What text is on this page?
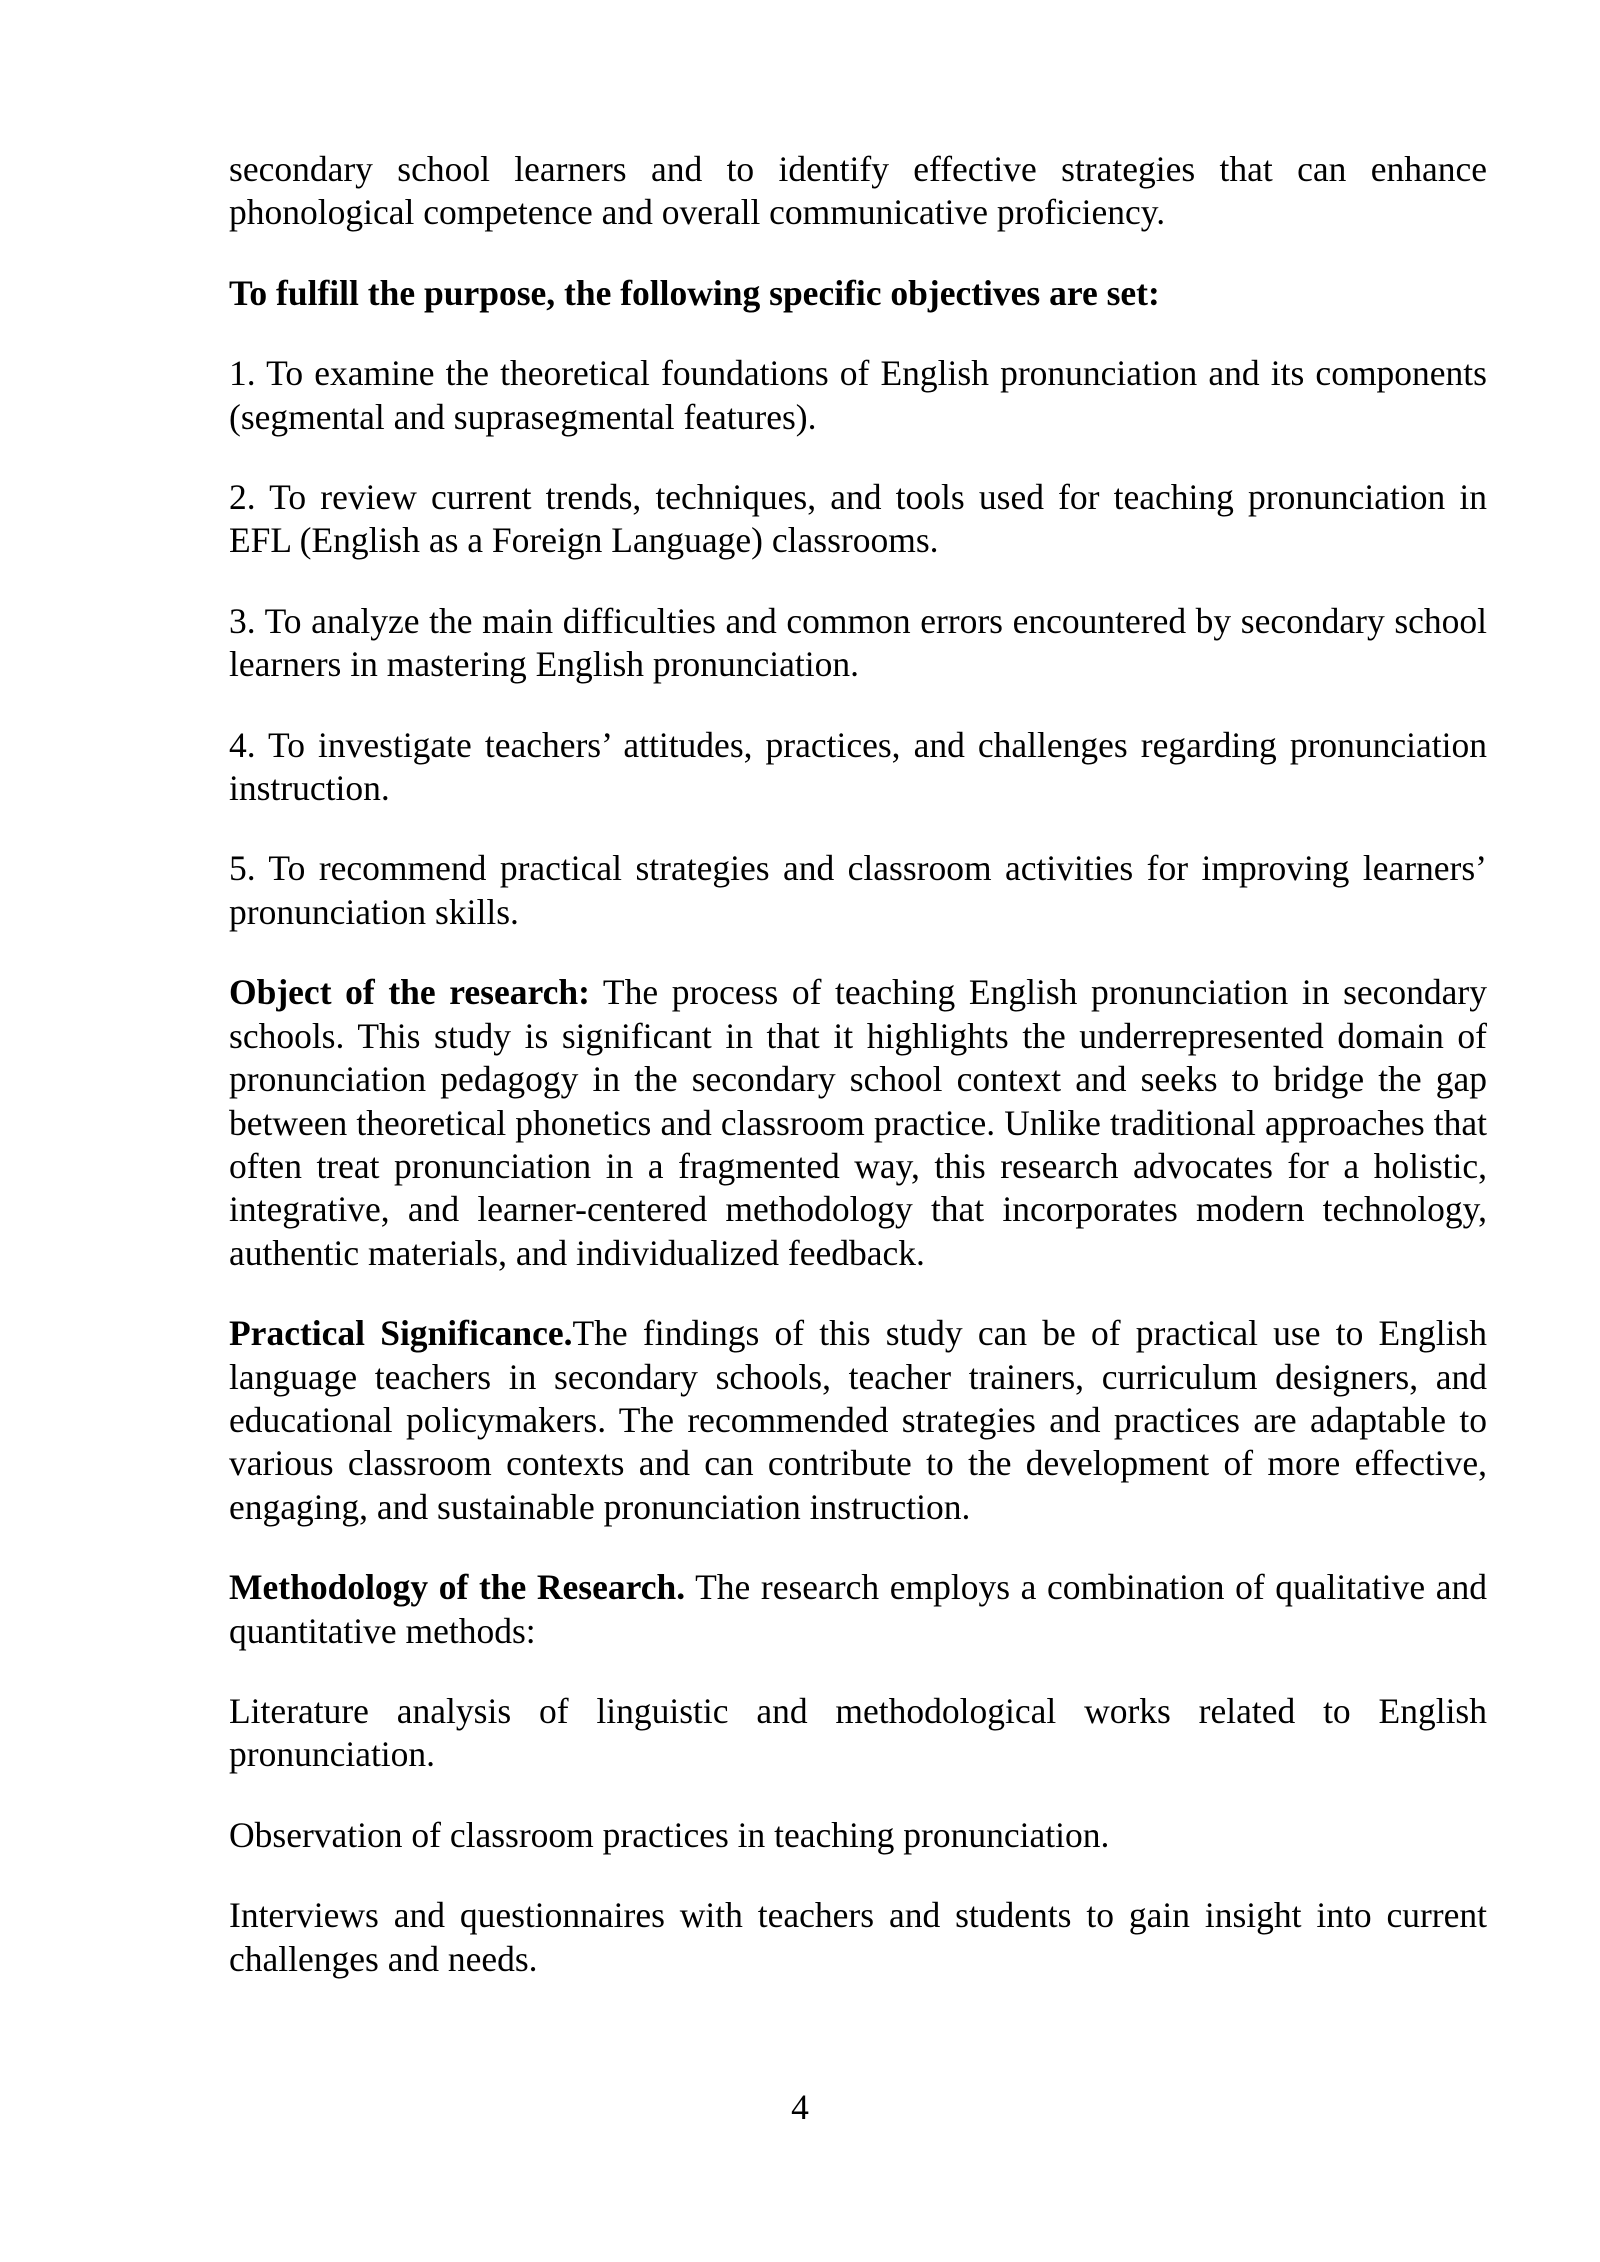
secondary school learners and to identify effective strategies that can enhance phonological competence and overall communicative proficiency.

To fulfill the purpose, the following specific objectives are set:

1. To examine the theoretical foundations of English pronunciation and its components (segmental and suprasegmental features).

2. To review current trends, techniques, and tools used for teaching pronunciation in EFL (English as a Foreign Language) classrooms.

3. To analyze the main difficulties and common errors encountered by secondary school learners in mastering English pronunciation.

4. To investigate teachers’ attitudes, practices, and challenges regarding pronunciation instruction.

5. To recommend practical strategies and classroom activities for improving learners’ pronunciation skills.

Object of the research: The process of teaching English pronunciation in secondary schools. This study is significant in that it highlights the underrepresented domain of pronunciation pedagogy in the secondary school context and seeks to bridge the gap between theoretical phonetics and classroom practice. Unlike traditional approaches that often treat pronunciation in a fragmented way, this research advocates for a holistic, integrative, and learner-centered methodology that incorporates modern technology, authentic materials, and individualized feedback.

Practical Significance.The findings of this study can be of practical use to English language teachers in secondary schools, teacher trainers, curriculum designers, and educational policymakers. The recommended strategies and practices are adaptable to various classroom contexts and can contribute to the development of more effective, engaging, and sustainable pronunciation instruction.

Methodology of the Research. The research employs a combination of qualitative and quantitative methods:

Literature analysis of linguistic and methodological works related to English pronunciation.

Observation of classroom practices in teaching pronunciation.

Interviews and questionnaires with teachers and students to gain insight into current challenges and needs.

4
